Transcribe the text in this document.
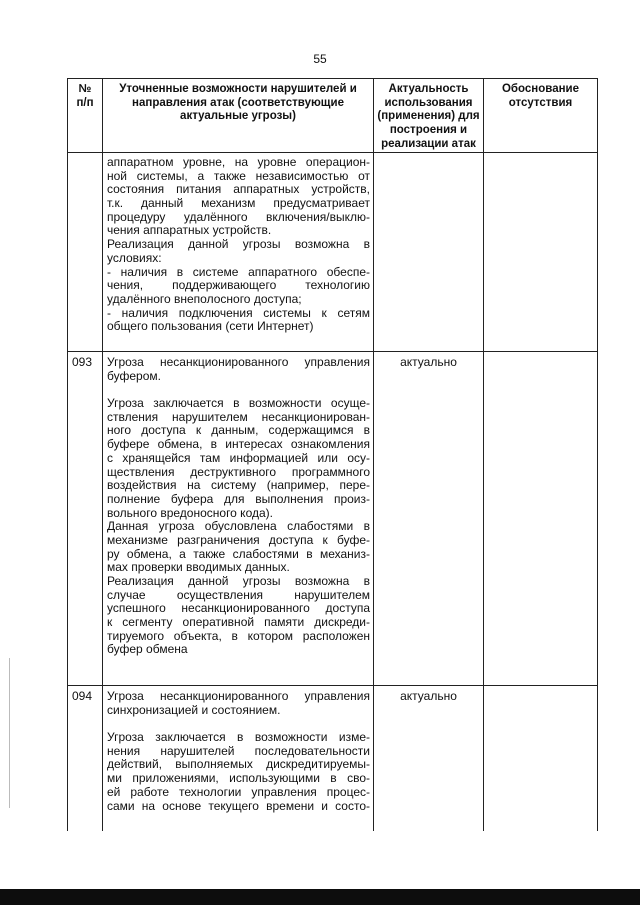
55
№
п/п
Уточненные возможности нарушителей и
направления атак (соответствующие
актуальные угрозы)
Актуальность
использования
(применения) для
построения и
реализации атак
Обоснование
отсутствия
аппаратном уровне, на уровне операцион-
ной системы, а также независимостью от
состояния питания аппаратных устройств,
т.к. данный механизм предусматривает
процедуру удалённого включения/выклю-
чения аппаратных устройств.
Реализация данной угрозы возможна в
условиях:
- наличия в системе аппаратного обеспе-
чения, поддерживающего технологию
удалённого внеполосного доступа;
- наличия подключения системы к сетям
общего пользования (сети Интернет)
093 Угроза несанкционированного управления
буфером.
Угроза заключается в возможности осуще-
ствления нарушителем несанкционирован-
ного доступа к данным, содержащимся в
буфере обмена, в интересах ознакомления
с хранящейся там информацией или осу-
ществления деструктивного программного
воздействия на систему (например, пере-
полнение буфера для выполнения произ-
вольного вредоносного кода).
Данная угроза обусловлена слабостями в
механизме разграничения доступа к буфе-
ру обмена, а также слабостями в механиз-
мах проверки вводимых данных.
Реализация данной угрозы возможна в
случае осуществления нарушителем
успешного несанкционированного доступа
к сегменту оперативной памяти дискреди-
тируемого объекта, в котором расположен
буфер обмена
актуально
094 Угроза несанкционированного управления
синхронизацией и состоянием.
Угроза заключается в возможности изме-
нения нарушителей последовательности
действий, выполняемых дискредитируемы-
ми приложениями, использующими в сво-
ей работе технологии управления процес-
сами на основе текущего времени и состо-
актуально
